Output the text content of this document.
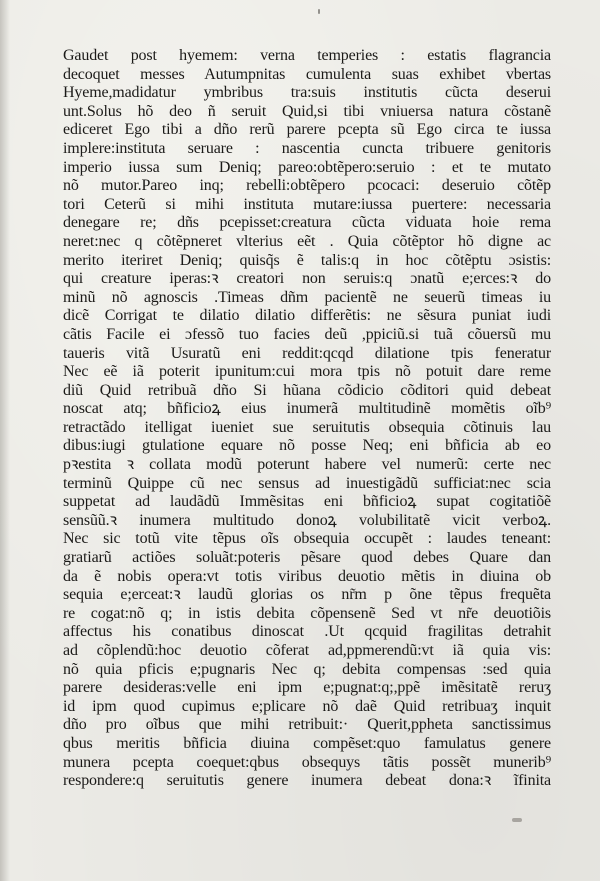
Gaudet post hyemem: verna temperies : estatis flagrancia
decoquet messes Autumpnitas cumulenta suas exhibet vbertas
Hyeme,madidatur ymbribus tra:suis institutis cũcta deserui
unt.Solus hõ deo ñ seruit Quid,si tibi vniuersa natura cõstanẽ
ediceret Ego tibi a dño rerũ parere pcepta sũ Ego circa te iussa
implere:instituta seruare : nascentia cuncta tribuere genitoris
imperio iussa sum Deniq; pareo:obtẽpero:seruio : et te mutato
nõ mutor.Pareo inq; rebelli:obtẽpero pcocaci: deseruio cõtẽp
tori Ceterũ si mihi instituta mutare:iussa puertere: necessaria
denegare re; dñs pcepisset:creatura cũcta viduata hoie rema
neret:nec q cõtẽpneret vlterius eẽt . Quia cõtẽptor hõ digne ac
merito iteriret Deniq; quisq̃s ẽ talis:q in hoc cõtẽptu ɔsistis:
qui creature iperas:ꝛ creatori non seruis:q ɔnatũ e;erces:ꝛ do
minũ nõ agnoscis .Timeas dñm pacientẽ ne seuerũ timeas iu
dicẽ Corrigat te dilatio dilatio differẽtis: ne sẽsura puniat iudi
cãtis Facile ei ɔfessõ tuo facies deũ ,ppiciũ.si tuã cõuersũ mu
taueris vitã Usuratũ eni reddit:qcqd dilatione tpis feneratur
Nec eẽ iã poterit ipunitum:cui mora tpis nõ potuit dare reme
diũ Quid retribuã dño Si hũana cõdicio cõditori quid debeat
noscat atq; bñficioꝝ eius inumerã multitudinẽ momẽtis oĩb⁹
retractãdo itelligat iueniet sue seruitutis obsequia cõtinuis lau
dibus:iugi gtulatione equare nõ posse Neq; eni bñficia ab eo
pꝛestita ꝛ collata modũ poterunt habere vel numerũ: certe nec
terminũ Quippe cũ nec sensus ad inuestigãdũ sufficiat:nec scia
suppetat ad laudãdũ Immẽsitas eni bñficioꝝ supat cogitatiõẽ
sensũũ.ꝛ inumera multitudo donoꝝ volubilitatẽ vicit verboꝝ.
Nec sic totũ vite tẽpus oĩs obsequia occupẽt : laudes teneant:
gratiarũ actiões soluãt:poteris pẽsare quod debes Quare dan
da ẽ nobis opera:vt totis viribus deuotio mẽtis in diuina ob
sequia e;erceat:ꝛ laudũ glorias os nr̃m p õne tẽpus frequẽta
re cogat:nõ q; in istis debita cõpensenẽ Sed vt nr̃e deuotiõis
affectus his conatibus dinoscat .Ut qcquid fragilitas detrahit
ad cõplendũ:hoc deuotio cõferat ad,ppmerendũ:vt iã quia vis:
nõ quia pficis e;pugnaris Nec q; debita compensas :sed quia
parere desideras:velle eni ipm e;pugnat:q;,ppẽ imẽsitatẽ reruʒ
id ipm quod cupimus e;plicare nõ daẽ Quid retribuaʒ inquit
dño pro oĩbus que mihi retribuit:· Querit,pphetа sanctissimus
qbus meritis bñficia diuina compẽset:quo famulatus genere
munera pcepta coequet:qbus obsequys tãtis possẽt munerib⁹
respondere:q seruitutis genere inumera debeat dona:ꝛ ĩfinita
